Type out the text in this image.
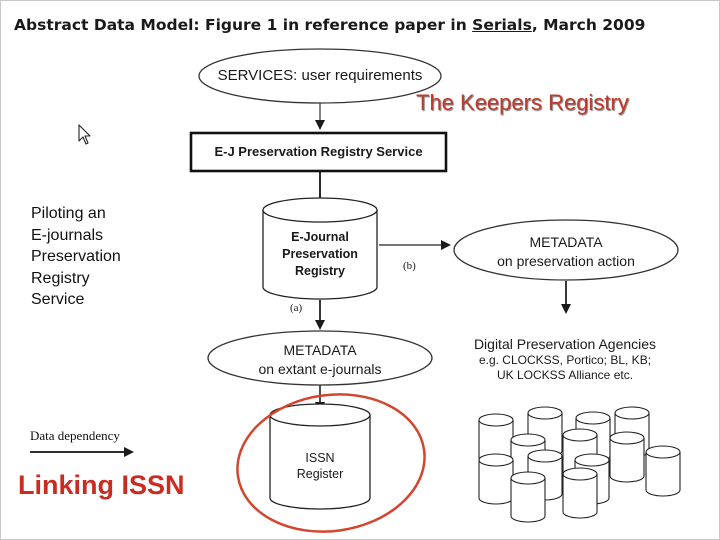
Abstract Data Model: Figure 1 in reference paper in Serials, March 2009
SERVICES: user requirements
E-J Preservation Registry Service
E-Journal
Preservation
Registry	(b)
(a)
METADATA
on preservation action
METADATA
on extant e-journals
ISSN
Register
Digital Preservation Agencies
e.g. CLOCKSS, Portico; BL, KB;
UK LOCKSS Alliance etc.
Piloting an
E-journals
Preservation
Registry
Service
The Keepers Registry
Data dependency
Linking ISSN
